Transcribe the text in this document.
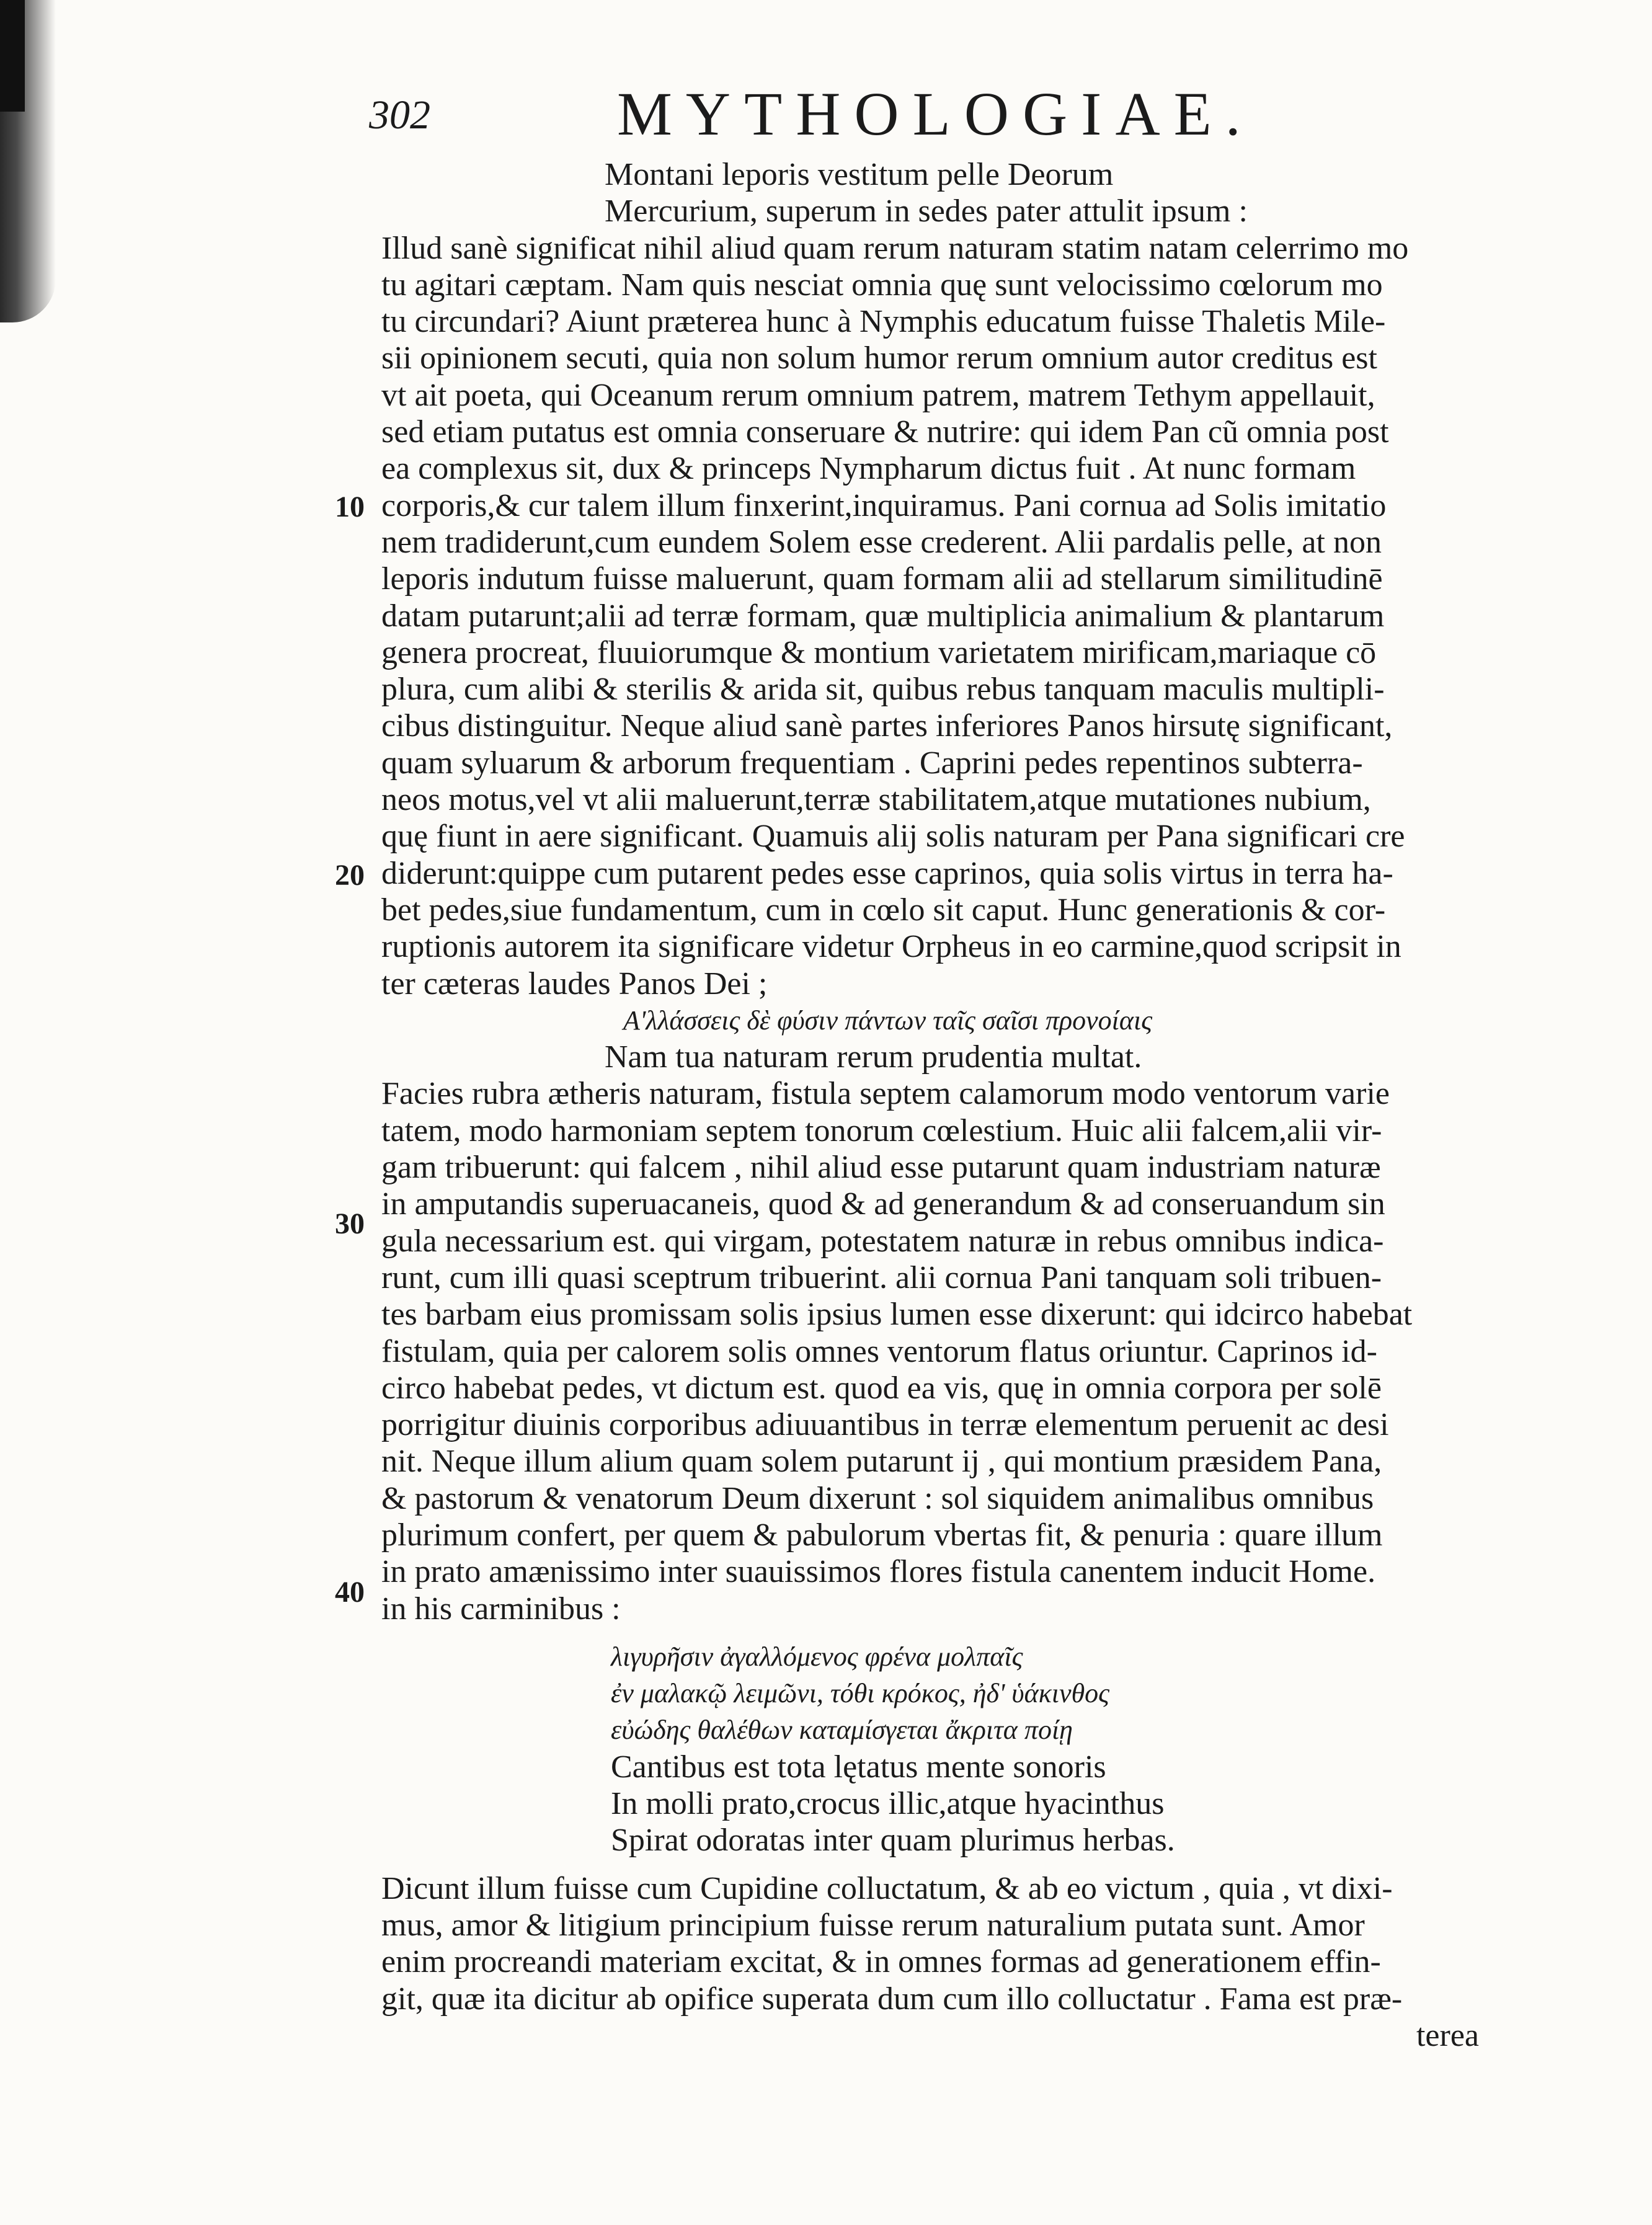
302	MYTHOLOGIAE.
10
20
30
40
Montani leporis vestitum pelle Deorum
Mercurium, superum in sedes pater attulit ipsum :
Illud sanè significat nihil aliud quam rerum naturam statim natam celerrimo mo
tu agitari cæptam. Nam quis nesciat omnia quę sunt velocissimo cœlorum mo
tu circundari? Aiunt præterea hunc à Nymphis educatum fuisse Thaletis Mile-
sii opinionem secuti, quia non solum humor rerum omnium autor creditus est
vt ait poeta, qui Oceanum rerum omnium patrem, matrem Tethym appellauit,
sed etiam putatus est omnia conseruare & nutrire: qui idem Pan cũ omnia post
ea complexus sit, dux & princeps Nympharum dictus fuit . At nunc formam
corporis,& cur talem illum finxerint,inquiramus. Pani cornua ad Solis imitatio
nem tradiderunt,cum eundem Solem esse crederent. Alii pardalis pelle, at non
leporis indutum fuisse maluerunt, quam formam alii ad stellarum similitudinē
datam putarunt;alii ad terræ formam, quæ multiplicia animalium & plantarum
genera procreat, fluuiorumque & montium varietatem mirificam,mariaque cō
plura, cum alibi & sterilis & arida sit, quibus rebus tanquam maculis multipli-
cibus distinguitur. Neque aliud sanè partes inferiores Panos hirsutę significant,
quam syluarum & arborum frequentiam . Caprini pedes repentinos subterra-
neos motus,vel vt alii maluerunt,terræ stabilitatem,atque mutationes nubium,
quę fiunt in aere significant. Quamuis alij solis naturam per Pana significari cre
diderunt:quippe cum putarent pedes esse caprinos, quia solis virtus in terra ha-
bet pedes,siue fundamentum, cum in cœlo sit caput. Hunc generationis & cor-
ruptionis autorem ita significare videtur Orpheus in eo carmine,quod scripsit in
ter cæteras laudes Panos Dei ;
Α'λλάσσεις δὲ φύσιν πάντων ταῖς σαῖσι προνοίαις
Nam tua naturam rerum prudentia multat.
Facies rubra ætheris naturam, fistula septem calamorum modo ventorum varie
tatem, modo harmoniam septem tonorum cœlestium. Huic alii falcem,alii vir-
gam tribuerunt: qui falcem , nihil aliud esse putarunt quam industriam naturæ
in amputandis superuacaneis, quod & ad generandum & ad conseruandum sin
gula necessarium est. qui virgam, potestatem naturæ in rebus omnibus indica-
runt, cum illi quasi sceptrum tribuerint. alii cornua Pani tanquam soli tribuen-
tes barbam eius promissam solis ipsius lumen esse dixerunt: qui idcirco habebat
fistulam, quia per calorem solis omnes ventorum flatus oriuntur. Caprinos id-
circo habebat pedes, vt dictum est. quod ea vis, quę in omnia corpora per solē
porrigitur diuinis corporibus adiuuantibus in terræ elementum peruenit ac desi
nit. Neque illum alium quam solem putarunt ij , qui montium præsidem Pana,
& pastorum & venatorum Deum dixerunt : sol siquidem animalibus omnibus
plurimum confert, per quem & pabulorum vbertas fit, & penuria : quare illum
in prato amænissimo inter suauissimos flores fistula canentem inducit Home.
in his carminibus :
λιγυρῆσιν ἀγαλλόμενος φρένα μολπαῖς
ἐν μαλακῷ λειμῶνι, τόθι κρόκος, ἠδ' ὑάκινθος
εὐώδης θαλέθων καταμίσγεται ἄκριτα ποίῃ
Cantibus est tota lętatus mente sonoris
In molli prato,crocus illic,atque hyacinthus
Spirat odoratas inter quam plurimus herbas.
Dicunt illum fuisse cum Cupidine colluctatum, & ab eo victum , quia , vt dixi-
mus, amor & litigium principium fuisse rerum naturalium putata sunt. Amor
enim procreandi materiam excitat, & in omnes formas ad generationem effin-
git, quæ ita dicitur ab opifice superata dum cum illo colluctatur . Fama est præ-
terea
